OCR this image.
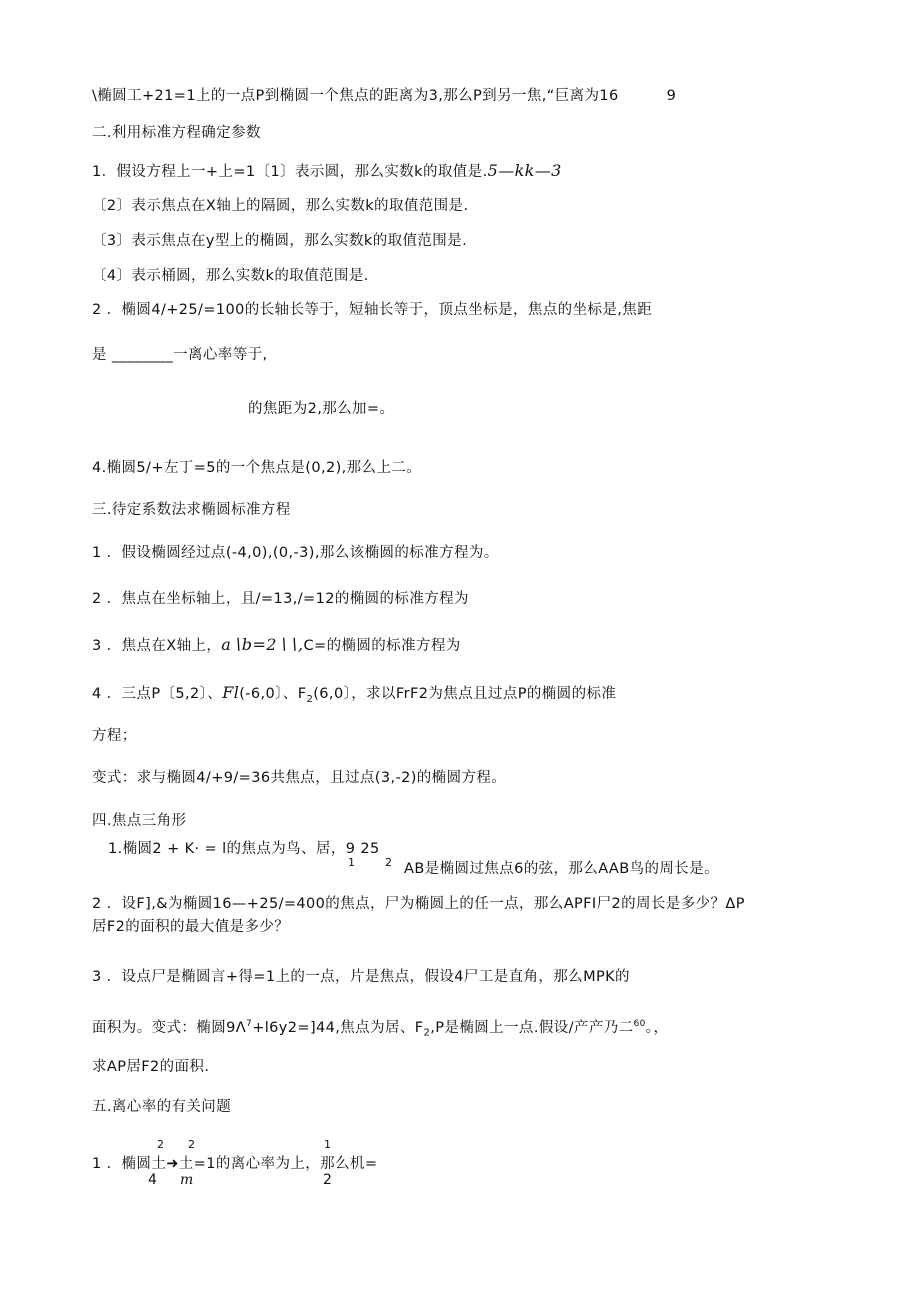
\椭圆工+21=1上的一点P到椭圆一个焦点的距离为3,那么P到另一焦,“巨离为16	9
二.利用标准方程确定参数
1．假设方程上一+上=1〔1〕表示圆，那么实数k的取值是.5—kk—3
〔2〕表示焦点在X轴上的隔圆，那么实数k的取值范围是.
〔3〕表示焦点在y型上的椭圆，那么实数k的取值范围是.
〔4〕表示桶圆，那么实数k的取值范围是.
2 ．椭圆4/+25/=100的长轴长等于，短轴长等于，顶点坐标是，焦点的坐标是,焦距
是 ________一离心率等于,
的焦距为2,那么加=。
4.椭圆5/+左丁=5的一个焦点是(0,2),那么上二。
三.待定系数法求椭圆标准方程
1 ．假设椭圆经过点(-4,0),(0,-3),那么该椭圆的标准方程为。
2 ．焦点在坐标轴上，且/=13,/=12的椭圆的标准方程为
3 ．焦点在X轴上，a∖b=2∖∖,C=的椭圆的标准方程为
4 ．三点P〔5,2〕、Fl(-6,0〕、$F_2(6,0$〕，求以FrF2为焦点且过点P的椭圆的标准
方程；
变式：求与椭圆4/+9/=36共焦点，且过点(3,-2)的椭圆方程。
四.焦点三角形
1.椭圆2 + K· = l的焦点为鸟、居，9 25
1	2 AB是椭圆过焦点6的弦，那么AAB鸟的周长是。
2 ．设F],&为椭圆16—+25/=400的焦点，尸为椭圆上的任一点，那么APFI尸2的周长是多少？ΔP
居F2的面积的最大值是多少？
3 ．设点尸是椭圆言+得=1上的一点，片是焦点，假设4尸工是直角，那么MPK的
面积为。变式：椭圆$9\Lambda^7+l6y2=]44$,焦点为居、$F_2,P$是椭圆上一点.假设/产产乃二$^{60}$。，
求AP居F2的面积.
五.离心率的有关问题
2 2	1
1 ．椭圆土➜土=1的离心率为上，那么机=
4 m	2
